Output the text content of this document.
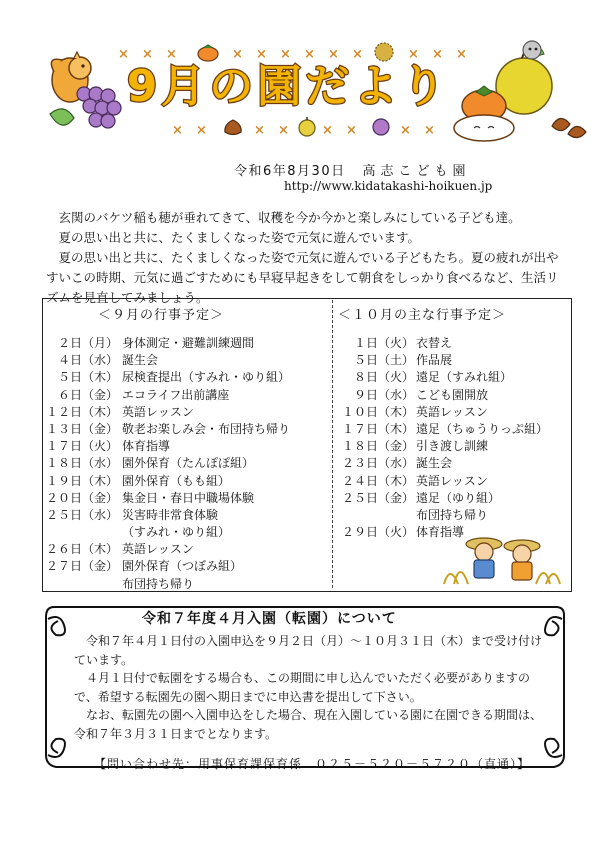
× × ×	× × × × × ×	× × ×
× ×	× ×	× ×	× ×
9月の園だより
令和6年8月30日 高志こども園
http://www.kidatakashi-hoikuen.jp

玄関のバケツ稲も穂が垂れてきて、収穫を今か今かと楽しみにしている子ども達。

夏の思い出と共に、たくましくなった姿で元気に遊んでいます。

夏の思い出と共に、たくましくなった姿で元気に遊んでいる子どもたち。夏の疲れが出やすいこの時期、元気に過ごすためにも早寝早起きをして朝食をしっかり食べるなど、生活リズムを見直してみましょう。

＜９月の行事予定＞	＜１０月の主な行事予定＞
２日（月） 身体測定・避難訓練週間
４日（水） 誕生会
５日（木） 尿検査提出（すみれ・ゆり組）
６日（金） エコライフ出前講座
１２日（木） 英語レッスン
１３日（金） 敬老お楽しみ会・布団持ち帰り
１７日（火） 体育指導
１８日（水） 園外保育（たんぽぽ組）
１９日（木） 園外保育（もも組）
２０日（金） 集金日・春日中職場体験
２５日（水） 災害時非常食体験
（すみれ・ゆり組）
２６日（木） 英語レッスン
２７日（金） 園外保育（つぼみ組）
布団持ち帰り
１日（火） 衣替え
５日（土） 作品展
８日（火） 遠足（すみれ組）
９日（水） こども園開放
１０日（木） 英語レッスン
１７日（木） 遠足（ちゅうりっぷ組）
１８日（金） 引き渡し訓練
２３日（水） 誕生会
２４日（木） 英語レッスン
２５日（金） 遠足（ゆり組）
布団持ち帰り
２９日（火） 体育指導
令和７年度４月入園（転園）について

令和７年４月１日付の入園申込を９月２日（月）～１０月３１日（木）まで受け付けています。

４月１日付で転園をする場合も、この期間に申し込んでいただく必要がありますので、希望する転園先の園へ期日までに申込書を提出して下さい。

なお、転園先の園へ入園申込をした場合、現在入園している園に在園できる期間は、令和７年３月３１日までとなります。

【問い合わせ先：用事保育課保育係　０２５－５２０－５７２０（直通）】
